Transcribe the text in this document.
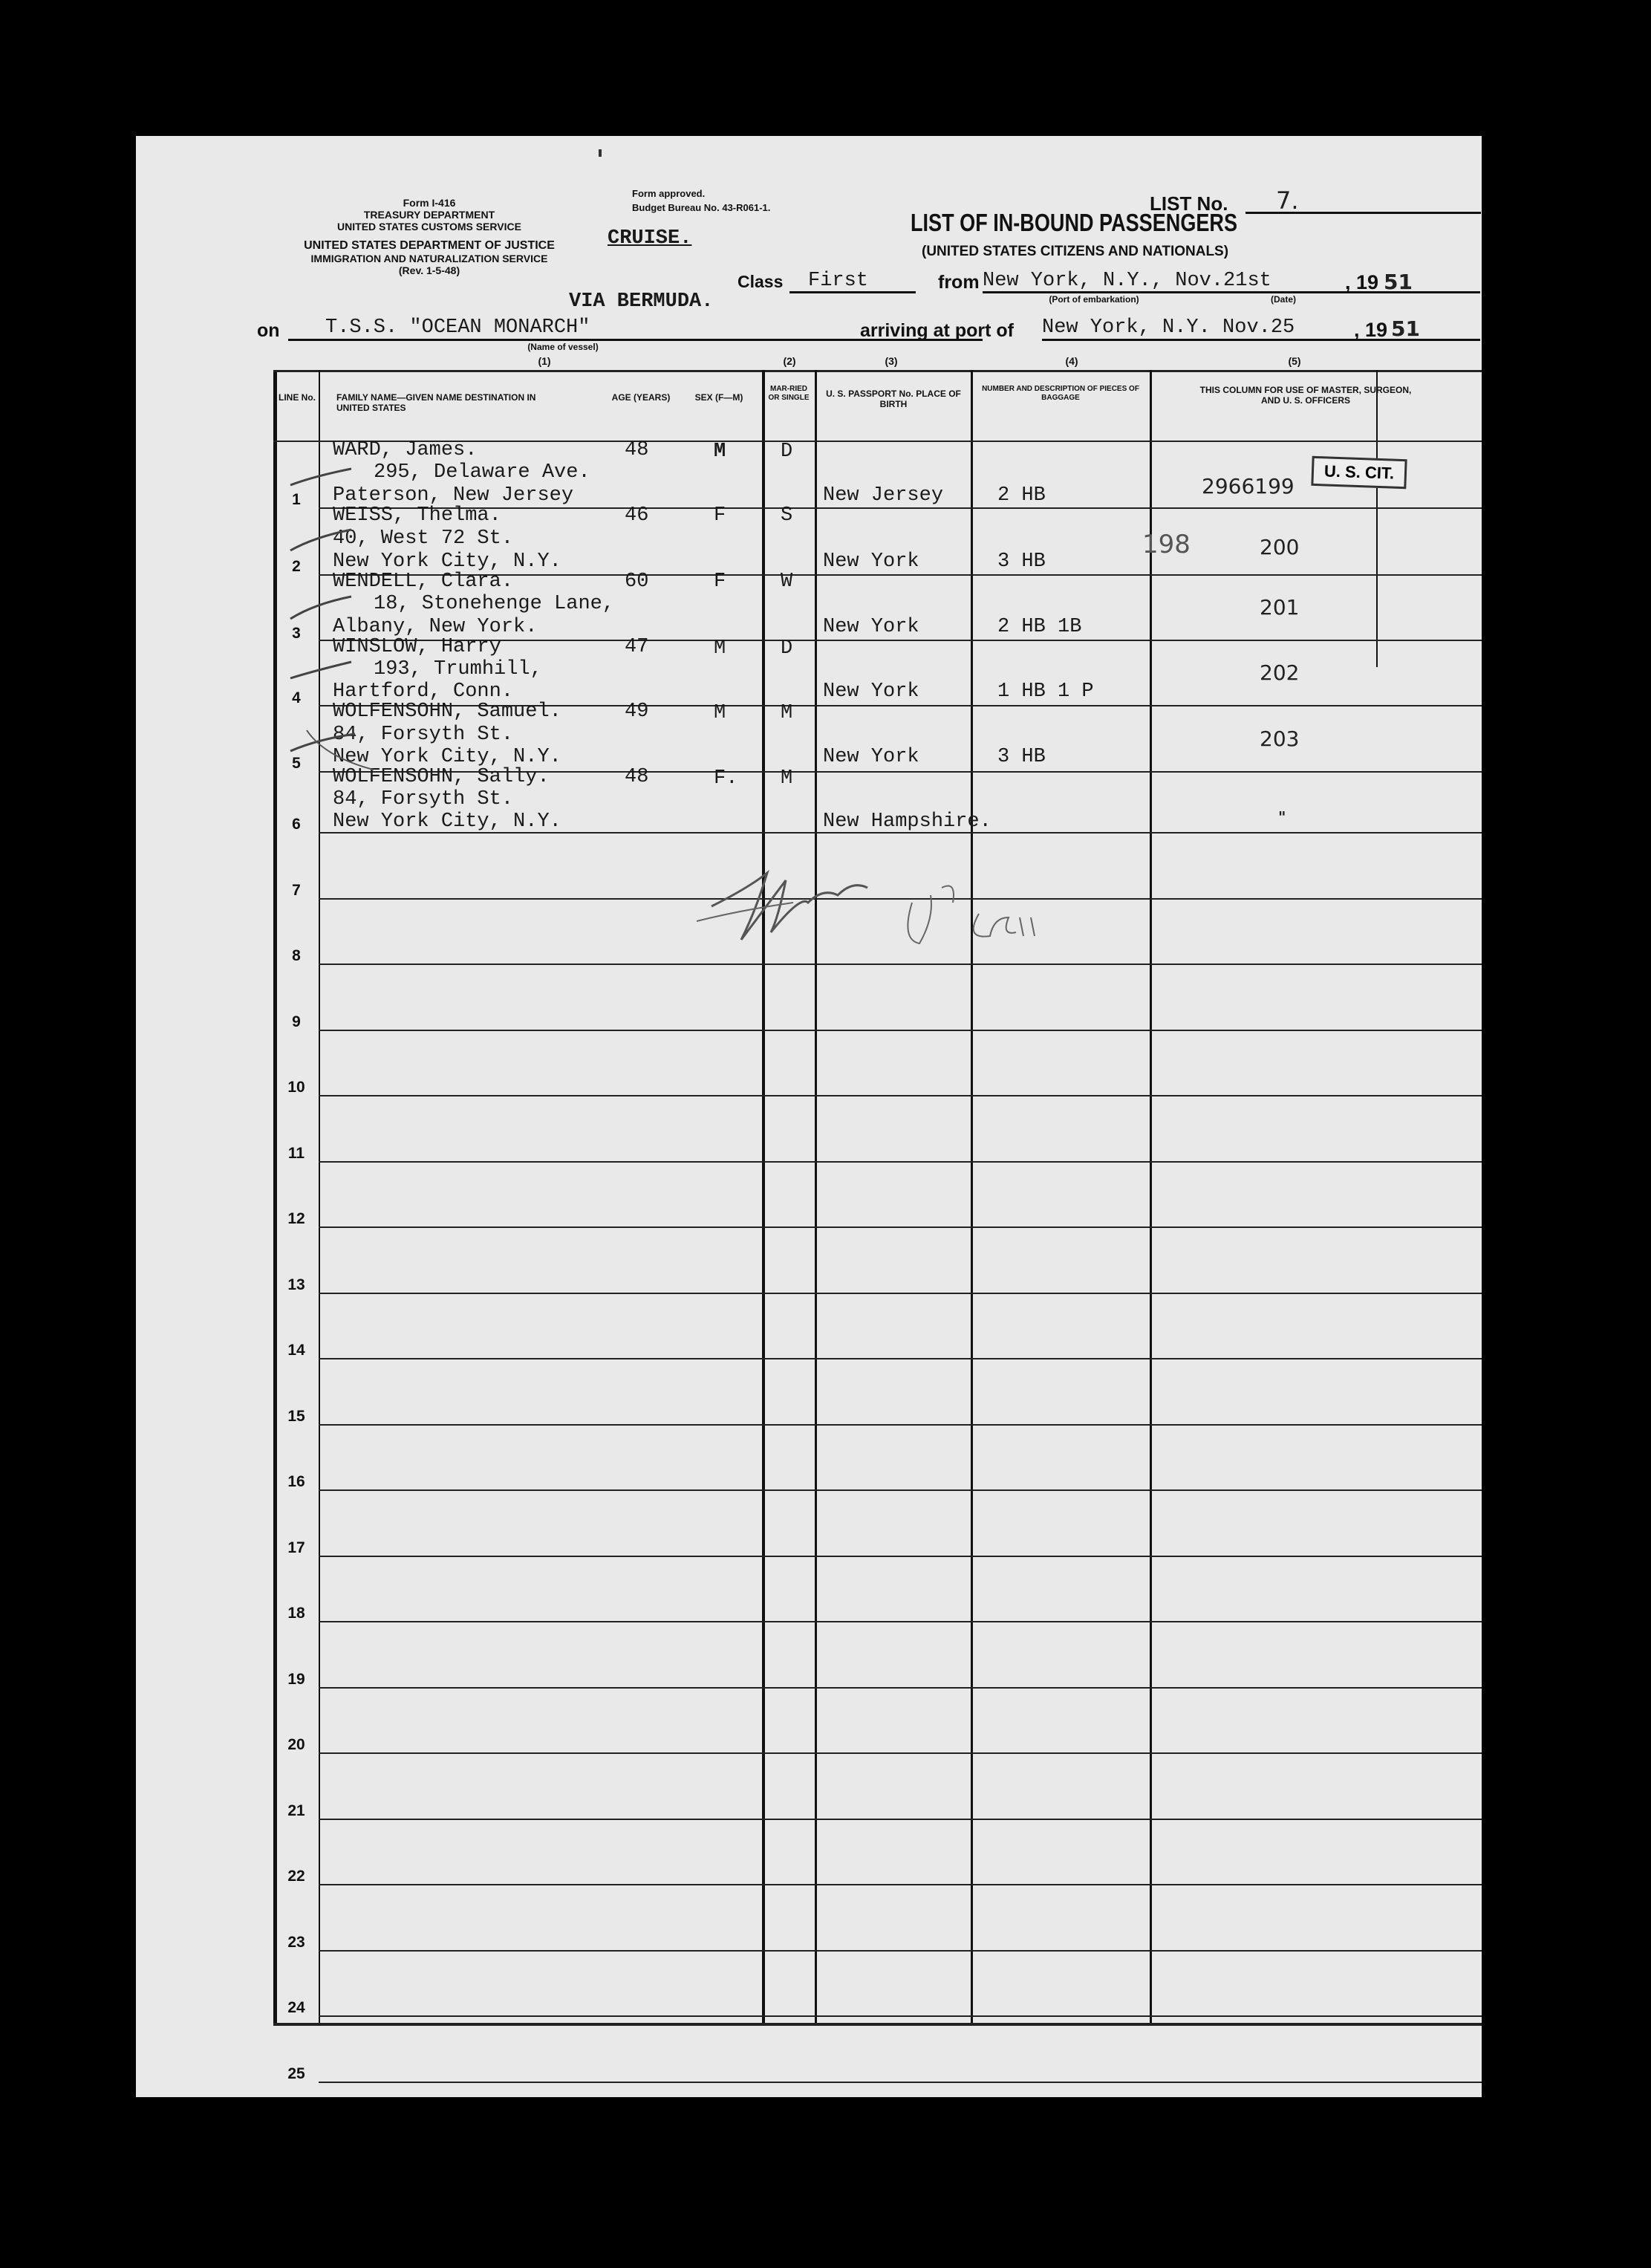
Form I-416
TREASURY DEPARTMENT
UNITED STATES CUSTOMS SERVICE
UNITED STATES DEPARTMENT OF JUSTICE
IMMIGRATION AND NATURALIZATION SERVICE
(Rev. 1-5-48)
Form approved.
Budget Bureau No. 43-R061-1.
CRUISE.
LIST No. 7.
LIST OF IN-BOUND PASSENGERS
(UNITED STATES CITIZENS AND NATIONALS)
Class First	from New York, N.Y., Nov.21st	, 19 51
(Port of embarkation)	(Date)
VIA BERMUDA.
on T.S.S. "OCEAN MONARCH"
(Name of vessel)
arriving at port of New York, N.Y. Nov.25	, 19 51
(1)	(2)	(3)	(4)	(5)
LINE No.	FAMILY NAME—GIVEN NAME DESTINATION IN UNITED STATES
AGE (YEARS)	SEX (F—M)
MAR-RIED OR SINGLE	U. S. PASSPORT No. PLACE OF BIRTH
NUMBER AND DESCRIPTION OF PIECES OF BAGGAGE
THIS COLUMN FOR USE OF MASTER, SURGEON, AND U. S. OFFICERS
1
WARD, James.
295, Delaware Ave.
Paterson, New Jersey
48	M	D
New Jersey	2 HB	2966199
U. S. CIT.
2
WEISS, Thelma.
40, West 72 St.
New York City, N.Y.
46	F	S
New York	3 HB
198	200
3
WENDELL, Clara.
18, Stonehenge Lane,
Albany, New York.
60	F	W
New York	2 HB 1B
201
4
WINSLOW, Harry
193, Trumhill,
Hartford, Conn.
47	M	D
New York	1 HB 1 P
202
5
WOLFENSOHN, Samuel.
84, Forsyth St.
New York City, N.Y.
49	M	M
New York	3 HB
203
6
WOLFENSOHN, Sally.
84, Forsyth St.
New York City, N.Y.
48	F. M
New Hampshire.	"
7
8
9
10
11
12
13
14
15
16
17
18
19
20
21
22
23
24
25
